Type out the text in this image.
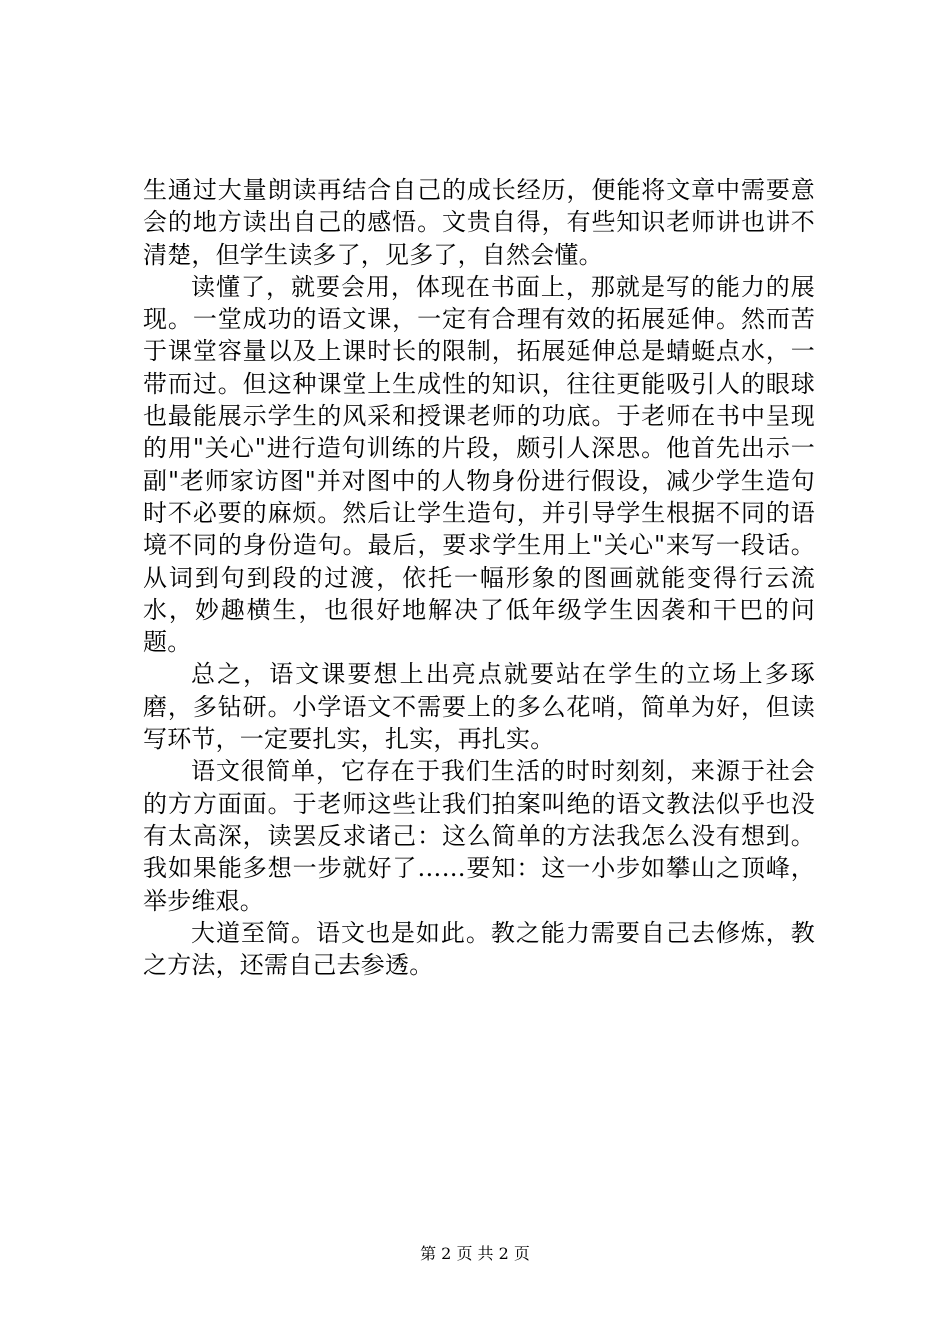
生通过大量朗读再结合自己的成长经历，便能将文章中需要意会的地方读出自己的感悟。文贵自得，有些知识老师讲也讲不清楚，但学生读多了，见多了，自然会懂。

读懂了，就要会用，体现在书面上，那就是写的能力的展现。一堂成功的语文课，一定有合理有效的拓展延伸。然而苦于课堂容量以及上课时长的限制，拓展延伸总是蜻蜓点水，一带而过。但这种课堂上生成性的知识，往往更能吸引人的眼球也最能展示学生的风采和授课老师的功底。于老师在书中呈现的用"关心"进行造句训练的片段，颇引人深思。他首先出示一副"老师家访图"并对图中的人物身份进行假设，减少学生造句时不必要的麻烦。然后让学生造句，并引导学生根据不同的语境不同的身份造句。最后，要求学生用上"关心"来写一段话。从词到句到段的过渡，依托一幅形象的图画就能变得行云流水，妙趣横生，也很好地解决了低年级学生因袭和干巴的问题。

总之，语文课要想上出亮点就要站在学生的立场上多琢磨，多钻研。小学语文不需要上的多么花哨，简单为好，但读写环节，一定要扎实，扎实，再扎实。

语文很简单，它存在于我们生活的时时刻刻，来源于社会的方方面面。于老师这些让我们拍案叫绝的语文教法似乎也没有太高深，读罢反求诸己：这么简单的方法我怎么没有想到。我如果能多想一步就好了……要知：这一小步如攀山之顶峰，举步维艰。

大道至简。语文也是如此。教之能力需要自己去修炼，教之方法，还需自己去参透。

第 2 页 共 2 页
